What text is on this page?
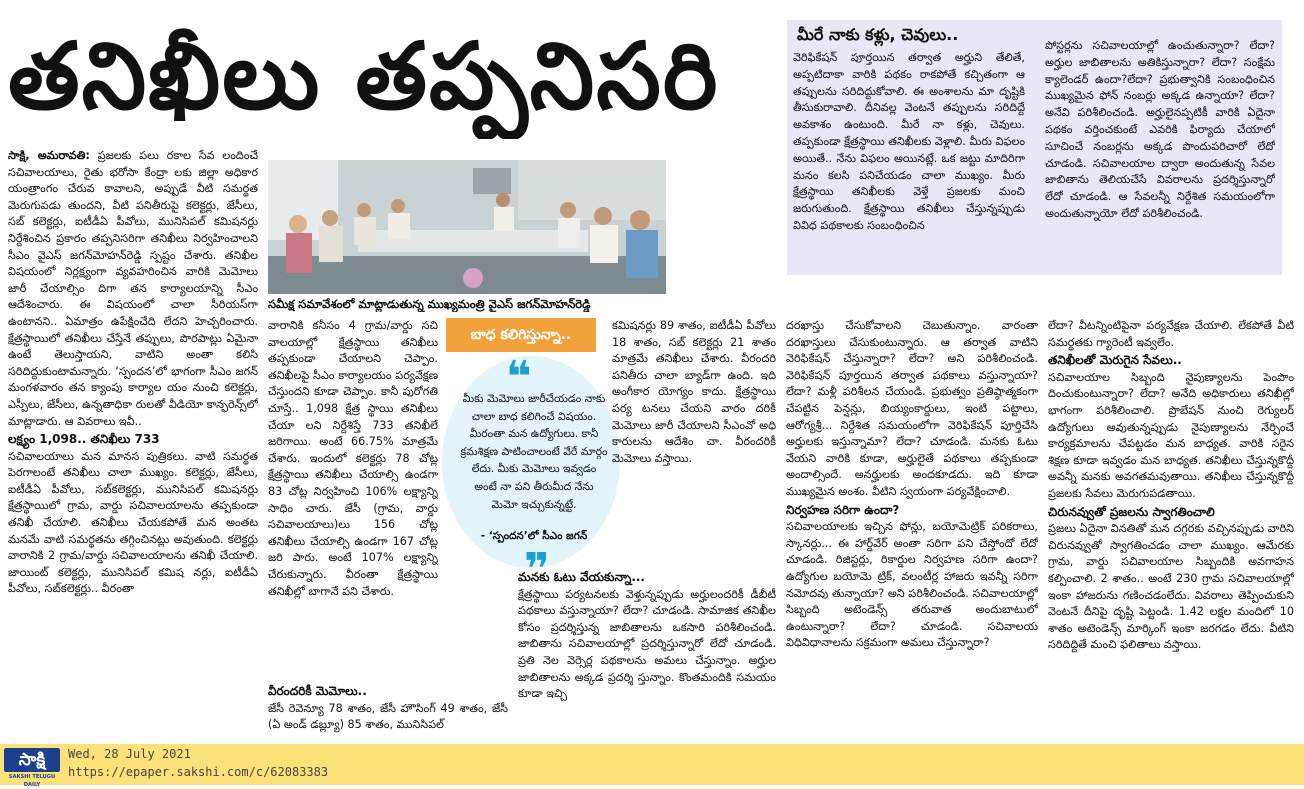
తనిఖీలు తప్పనిసరి	మీరే నాకు కళ్లు, చెవులు..
వెరిఫికేషన్ పూర్తయిన తర్వాత అర్హుని తేలితే, అప్పటిదాకా వారికి పథకం రాకపోతే కచ్చితంగా ఆ తప్పులను సరిదిద్దుకోవాలి. ఈ అంశాలను మా దృష్టికి తీసుకురావాలి. దీనివల్ల వెంటనే తప్పులను సరిదిద్దే అవకాశం ఉంటుంది. మీరే నా కళ్లు, చెవులు. తప్పకుండా క్షేత్రస్థాయి తనిఖీలకు వెళ్లాలి. మీరు విఫలం అయితే.. నేను విఫలం అయినట్లే. ఒక జట్టు మాదిరిగా మనం కలసి పనిచేయడం చాలా ముఖ్యం. మీరు క్షేత్రస్థాయి తనిఖీలకు వెళ్తే ప్రజలకు మంచి జరుగుతుంది. క్షేత్రస్థాయి తనిఖీలు చేస్తున్నప్పుడు వివిధ పథకాలకు సంబంధించిన
పోస్టర్లను సచివాలయాల్లో ఉంచుతున్నారా? లేదా? అర్హుల జాబితాలను అతికిస్తున్నారా? లేదా? సంక్షేమ క్యాలెండర్ ఉందా?లేదా? ప్రభుత్వానికి సంబంధించిన ముఖ్యమైన ఫోన్ నంబర్లు అక్కడ ఉన్నాయా? లేదా? అనేవి పరిశీలించండి. అర్హులైనప్పటికీ వారికి ఏదైనా పథకం వర్తించకుంటే ఎవరికి ఫిర్యాదు చేయాలో సూచించే నంబర్లను అక్కడ పొందుపరిచారో లేదో చూడండి. సచివాలయాల ద్వారా అందుతున్న సేవల జాబితాను తెలియచేసే వివరాలను ప్రదర్శిస్తున్నారో లేదో చూడండి. ఆ సేవలన్నీ నిర్దేశిత సమయంలోగా అందుతున్నాయో లేదో పరిశీలించండి.

సాక్షి, అమరావతి: ప్రజలకు పలు రకాల సేవ లందించే సచివాలయాలు, రైతు భరోసా కేంద్రా లకు జిల్లా అధికార యంత్రాంగం చేరువ కావాలని, అప్పుడే వీటి సమర్థత మెరుగుపడు తుందని, వీటి పనితీరుపై కలెక్టర్లు, జేసీలు, సబ్ కలెక్టర్లు, ఐటీడీఏ పీవోలు, మునిసిపల్ కమిషనర్లు నిర్దేశించిన ప్రకారం తప్పనిసరిగా తనిఖీలు నిర్వహించాలని సీఎం వైఎస్ జగన్‌మోహన్‌రెడ్డి స్పష్టం చేశారు. తనిఖీల విషయంలో నిర్లక్ష్యంగా వ్యవహరించిన వారికి మెమోలు జారీ చేయాల్సిం దిగా తన కార్యాలయాన్ని సీఎం ఆదేశించారు. ఈ విషయంలో చాలా సీరియస్‌గా ఉంటానని.. ఏమాత్రం ఉపేక్షించేది లేదని హెచ్చరించారు. క్షేత్రస్థాయిలో తనిఖీలు చేస్తేనే తప్పులు, పొరపాట్లు ఏమైనా ఉంటే తెలుస్తాయని, వాటిని అంతా కలిసి సరిదిద్దుకుంటామన్నారు. ‘స్పందన’లో భాగంగా సీఎం జగన్ మంగళవారం తన క్యాంపు కార్యాల యం నుంచి కలెక్టర్లు, ఎస్పీలు, జేసీలు, ఉన్నతాధికా రులతో వీడియో కాన్ఫరెన్స్‌లో మాట్లాడారు. ఆ వివరాలు ఇవీ..

లక్ష్యం 1,098.. తనిఖీలు 733

సచివాలయాలు మన మానస పుత్రికలు. వాటి సమర్థత పెరగాలంటే తనిఖీలు చాలా ముఖ్యం. కలెక్టర్లు, జేసీలు, ఐటీడీఏ పీవోలు, సబ్‌కలెక్టర్లు, మునిసిపల్ కమిషనర్లు క్షేత్రస్థాయిలో గ్రామ, వార్డు సచివాలయాలను తప్పకుండా తనిఖీ చేయాలి. తనిఖీలు చేయకపోతే మన అంతట మనమే వాటి సమర్థతను తగ్గించినట్లు అవుతుంది. కలెక్టర్లు వారానికి 2 గ్రామ/వార్డు సచివాలయాలను తనిఖీ చేయాలి. జాయింట్ కలెక్టర్లు, మునిసిపల్ కమిష నర్లు, ఐటీడీఏ పీవోలు, సబ్‌కలెక్టర్లు.. వీరంతా

సమీక్ష సమావేశంలో మాట్లాడుతున్న ముఖ్యమంత్రి వైఎస్ జగన్‌మోహన్‌రెడ్డి

వారానికి కనీసం 4 గ్రామ/వార్డు సచి వాలయాల్లో క్షేత్రస్థాయి తనిఖీలు తప్పకుండా చేయాలని చెప్పాం. తనిఖీలపై సీఎం కార్యాలయం పర్యవేక్షణ చేస్తుందని కూడా చెప్పాం. కానీ పురోగతి చూస్తే.. 1,098 క్షేత్ర స్థాయి తనిఖీలు చేయా లని నిర్దేశిస్తే 733 తనిఖీలే జరిగాయి. అంటే 66.75% మాత్రమే చేశారు. ఇందులో కలెక్టర్లు 78 చోట్ల క్షేత్రస్థాయి తనిఖీలు చేయాల్సి ఉండగా 83 చోట్ల నిర్వహించి 106% లక్ష్యాన్ని సాధిం చారు. జేసీ (గ్రామ, వార్డు సచివాలయాలు)లు 156 చోట్ల తనిఖీలు చేయాల్సి ఉండగా 167 చోట్ల జరి పారు. అంటే 107% లక్ష్యాన్ని చేరుకున్నారు. వీరంతా క్షేత్రస్థాయి తనిఖీల్లో బాగానే పని చేశారు.

వీరందరికీ మెమోలు..

జేసీ రెవెన్యూ 78 శాతం, జేసీ హౌసింగ్ 49 శాతం, జేసీ (ఏ అండ్ డబ్ల్యూ) 85 శాతం, మునిసిపల్

బాధ కలిగిస్తున్నా..
❝
మీకు మెమోలు జారీచేయడం నాకు చాలా బాధ కలిగించే విషయం. మీరంతా మన ఉద్యోగులు. కానీ క్రమశిక్షణ పాటించాలంటే వేరే మార్గం లేదు. మీకు మెమోలు ఇవ్వడం అంటే నా పని తీరుమీద నేను మెమో ఇచ్చుకున్నట్టే.
- ‘స్పందన’లో సీఎం జగన్
❞

కమిషనర్లు 89 శాతం, ఐటీడీఏ పీవోలు 18 శాతం, సబ్ కలెక్టర్లు 21 శాతం మాత్రమే తనిఖీలు చేశారు. వీరందరి పనితీరు చాలా బ్యాడ్‌గా ఉంది. ఇది అంగీకార యోగ్యం కాదు. క్షేత్రస్థాయి పర్య టనలు చేయని వారం దరికీ మెమోలు జారీ చేయాలని సీఎంవో అధి కారులను ఆదేశిం చా. వీరందరికీ మెమోలు వస్తాయి.

మనకు ఓటు వేయకున్నా...

క్షేత్రస్థాయి పర్యటనలకు వెళ్తున్నప్పుడు అర్హులందరికీ డీబీటీ పథకాలు వస్తున్నాయా? లేదా? చూడండి. సామాజిక తనిఖీల కోసం ప్రదర్శిస్తున్న జాబితాలను ఒకసారి పరిశీలించండి. జాబితాను సచివాలయాల్లో ప్రదర్శిస్తున్నారో లేదో చూడండి. ప్రతి నెల వెర్సెర్ల పథకాలను అమలు చేస్తున్నాం. అర్హుల జాబితాలను అక్కడ ప్రదర్శి స్తున్నాం. కొంతమందికి సమయం కూడా ఇచ్చి

దరఖాస్తు చేసుకోవాలని చెబుతున్నాం. వారంతా దరఖాస్తులు చేసుకుంటున్నారు. ఆ తర్వాత వాటిని వెరిఫికేషన్ చేస్తున్నారా? లేదా? అని పరిశీలించండి. వెరిఫికేషన్ పూర్తయిన తర్వాత పథకాలు వస్తున్నాయా? లేదా? మళ్లీ పరిశీలన చేయండి. ప్రభుత్వం ప్రతిష్ఠాత్మకంగా చేపట్టిన పెన్షన్లు, బియ్యంకార్డులు, ఇంటి పట్టాలు, ఆరోగ్యశ్రీ... నిర్దేశిత సమయంలోగా వెరిఫికేషన్ పూర్తిచేసి అర్హులకు ఇస్తున్నామా? లేదా? చూడండి. మనకు ఓటు వేయని వారికి కూడా, అర్హులైతే పథకాలు తప్పకుండా అందాల్సిందే. అనర్హులకు అందకూడదు. ఇది కూడా ముఖ్యమైన అంశం. వీటిని స్వయంగా పర్యవేక్షించాలి.

నిర్వహణ సరిగా ఉందా?

సచివాలయాలకు ఇచ్చిన ఫోన్లు, బయోమెట్రిక్ పరికరాలు, స్కానర్లు... ఈ హార్డ్‌వేర్ అంతా సరిగా పని చేస్తోందో లేదో చూడండి. రిజిస్టర్లు, రికార్డుల నిర్వహణ సరిగా ఉందా? ఉద్యోగుల బయోమె ట్రిక్, వలంటీర్ల హాజరు ఇవన్నీ సరిగా నమోదవు తున్నాయా? అని పరిశీలించండి. సచివాలయాల్లో సిబ్బంది అటెండెన్స్ తరువాత అందుబాటులో ఉంటున్నారా? లేదా? చూడండి. సచివాలయ విధివిధానాలను సక్రమంగా అమలు చేస్తున్నారా?

లేదా? వీటన్నింటిపైనా పర్యవేక్షణ చేయాలి. లేకపోతే వీటి సమర్థతకు గ్యారెంటీ ఇవ్వలేం.

తనిఖీలతో మెరుగైన సేవలు..

సచివాలయాల సిబ్బంది నైపుణ్యాలను పెంపొం దించుకుంటున్నారా? లేదా? అనేది అధికారులు తనిఖీల్లో భాగంగా పరిశీలించాలి. ప్రొబేషన్ నుంచి రెగ్యులర్ ఉద్యోగులు అవుతున్నప్పుడు నైపుణ్యాలను నేర్పించే కార్యక్రమాలను చేపట్టడం మన బాధ్యత. వారికి సరైన శిక్షణ కూడా ఇవ్వడం మన బాధ్యత. తనిఖీలు చేస్తున్నకొద్దీ అవన్నీ మనకు అవగతమవుతాయి. తనిఖీలు చేస్తున్నకొద్దీ ప్రజలకు సేవలు మెరుగుపడతాయి.

చిరునవ్వుతో ప్రజలను స్వాగతించాలి

ప్రజలు ఏదైనా వినతితో మన దగ్గరకు వచ్చినప్పుడు వారిని చిరునవ్వుతో స్వాగతించడం చాలా ముఖ్యం. ఆమేరకు గ్రామ, వార్డు సచివాలయాల సిబ్బందికి అవగాహన కల్పించాలి. 2 శాతం.. అంటే 230 గ్రామ సచివాలయాల్లో ఇంకా హాజరును గణించడంలేదు. వివరాలు తెప్పించుకుని వెంటనే దీనిపై దృష్టి పెట్టండి. 1.42 లక్షల మందిలో 10 శాతం అటెండెన్స్ మార్కింగ్ ఇంకా జరగడం లేదు. వీటిని సరిదిద్దితే మంచి ఫలితాలు వస్తాయి.

సాక్షి
SAKSHI TELUGU DAILY
Wed, 28 July 2021
https://epaper.sakshi.com/c/62083383
